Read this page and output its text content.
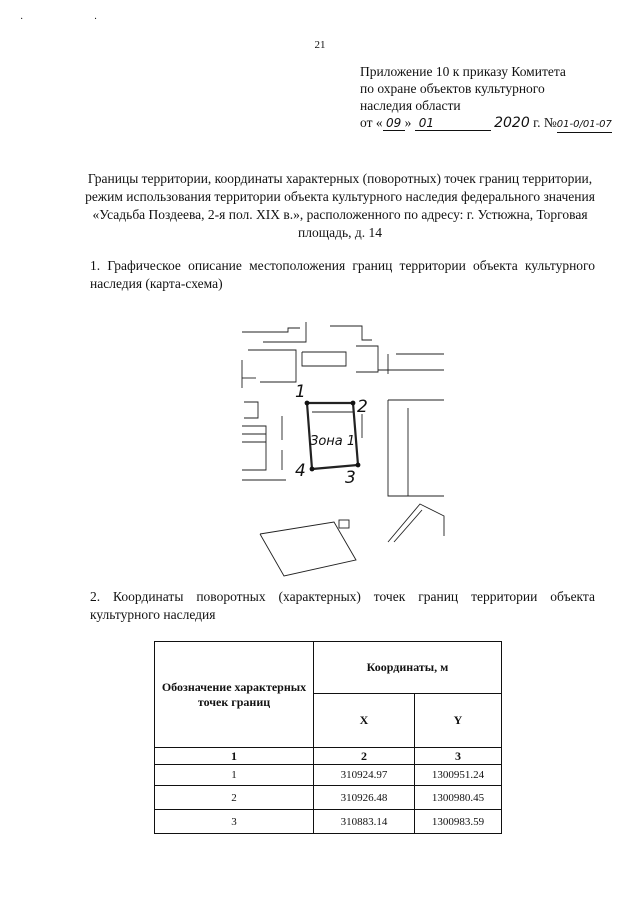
· ·
21
Приложение 10 к приказу Комитета
по охране объектов культурного
наследия области
от « 09 » 01	2020 г. №01-0/01-07
Границы территории, координаты характерных (поворотных) точек границ территории, режим использования территории объекта культурного наследия федерального значения «Усадьба Поздеева, 2-я пол. XIX в.», расположенного по адресу: г. Устюжна, Торговая площадь, д. 14
1. Графическое описание местоположения границ территории объекта культурного наследия (карта-схема)
Зона 1
1
2
3
4
2. Координаты поворотных (характерных) точек границ территории объекта культурного наследия
Обозначение характерных точек границ	Координаты, м	
	X	Y
1	2	3
1	310924.97	1300951.24
2	310926.48	1300980.45
3	310883.14	1300983.59
